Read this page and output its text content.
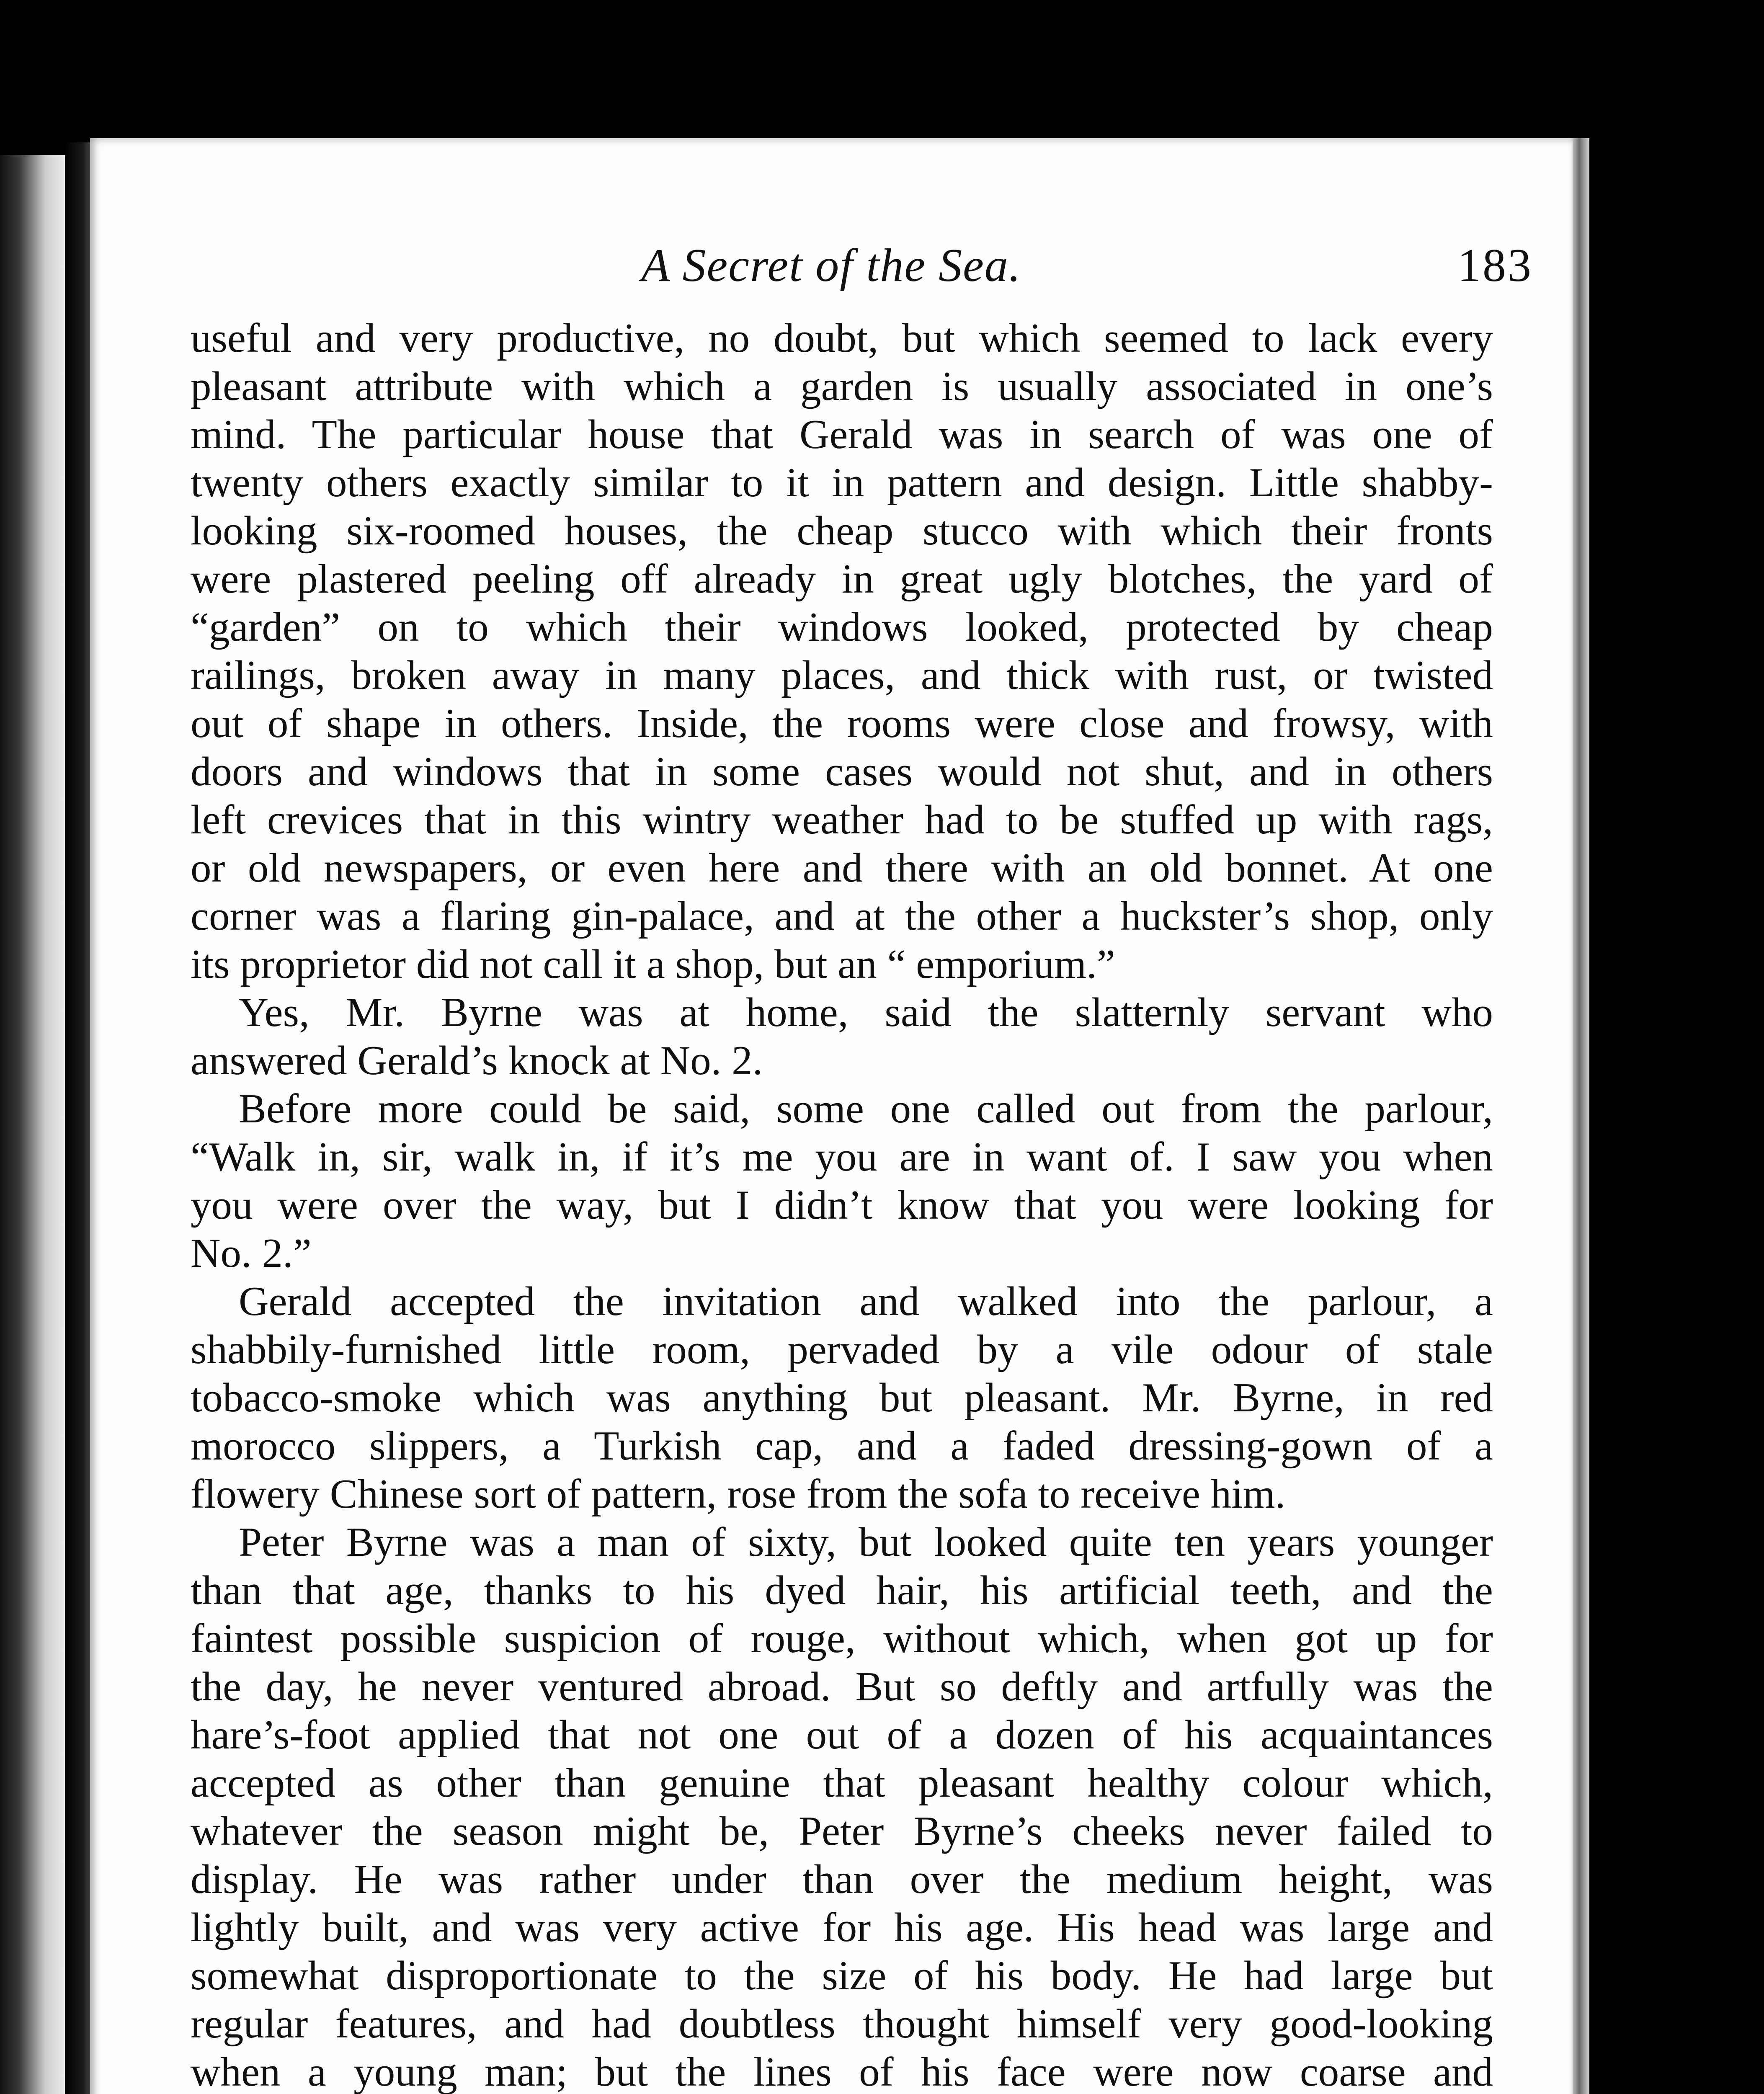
A Secret of the Sea.	183
useful and very productive, no doubt, but which seemed to lack every
pleasant attribute with which a garden is usually associated in one’s
mind. The particular house that Gerald was in search of was one of
twenty others exactly similar to it in pattern and design. Little shabby-
looking six-roomed houses, the cheap stucco with which their fronts
were plastered peeling off already in great ugly blotches, the yard of
“garden” on to which their windows looked, protected by cheap
railings, broken away in many places, and thick with rust, or twisted
out of shape in others. Inside, the rooms were close and frowsy, with
doors and windows that in some cases would not shut, and in others
left crevices that in this wintry weather had to be stuffed up with rags,
or old newspapers, or even here and there with an old bonnet. At one
corner was a flaring gin-palace, and at the other a huckster’s shop, only
its proprietor did not call it a shop, but an “ emporium.”
Yes, Mr. Byrne was at home, said the slatternly servant who
answered Gerald’s knock at No. 2.
Before more could be said, some one called out from the parlour,
“Walk in, sir, walk in, if it’s me you are in want of. I saw you when
you were over the way, but I didn’t know that you were looking for
No. 2.”
Gerald accepted the invitation and walked into the parlour, a
shabbily-furnished little room, pervaded by a vile odour of stale
tobacco-smoke which was anything but pleasant. Mr. Byrne, in red
morocco slippers, a Turkish cap, and a faded dressing-gown of a
flowery Chinese sort of pattern, rose from the sofa to receive him.
Peter Byrne was a man of sixty, but looked quite ten years younger
than that age, thanks to his dyed hair, his artificial teeth, and the
faintest possible suspicion of rouge, without which, when got up for
the day, he never ventured abroad. But so deftly and artfully was the
hare’s-foot applied that not one out of a dozen of his acquaintances
accepted as other than genuine that pleasant healthy colour which,
whatever the season might be, Peter Byrne’s cheeks never failed to
display. He was rather under than over the medium height, was
lightly built, and was very active for his age. His head was large and
somewhat disproportionate to the size of his body. He had large but
regular features, and had doubtless thought himself very good-looking
when a young man; but the lines of his face were now coarse and
